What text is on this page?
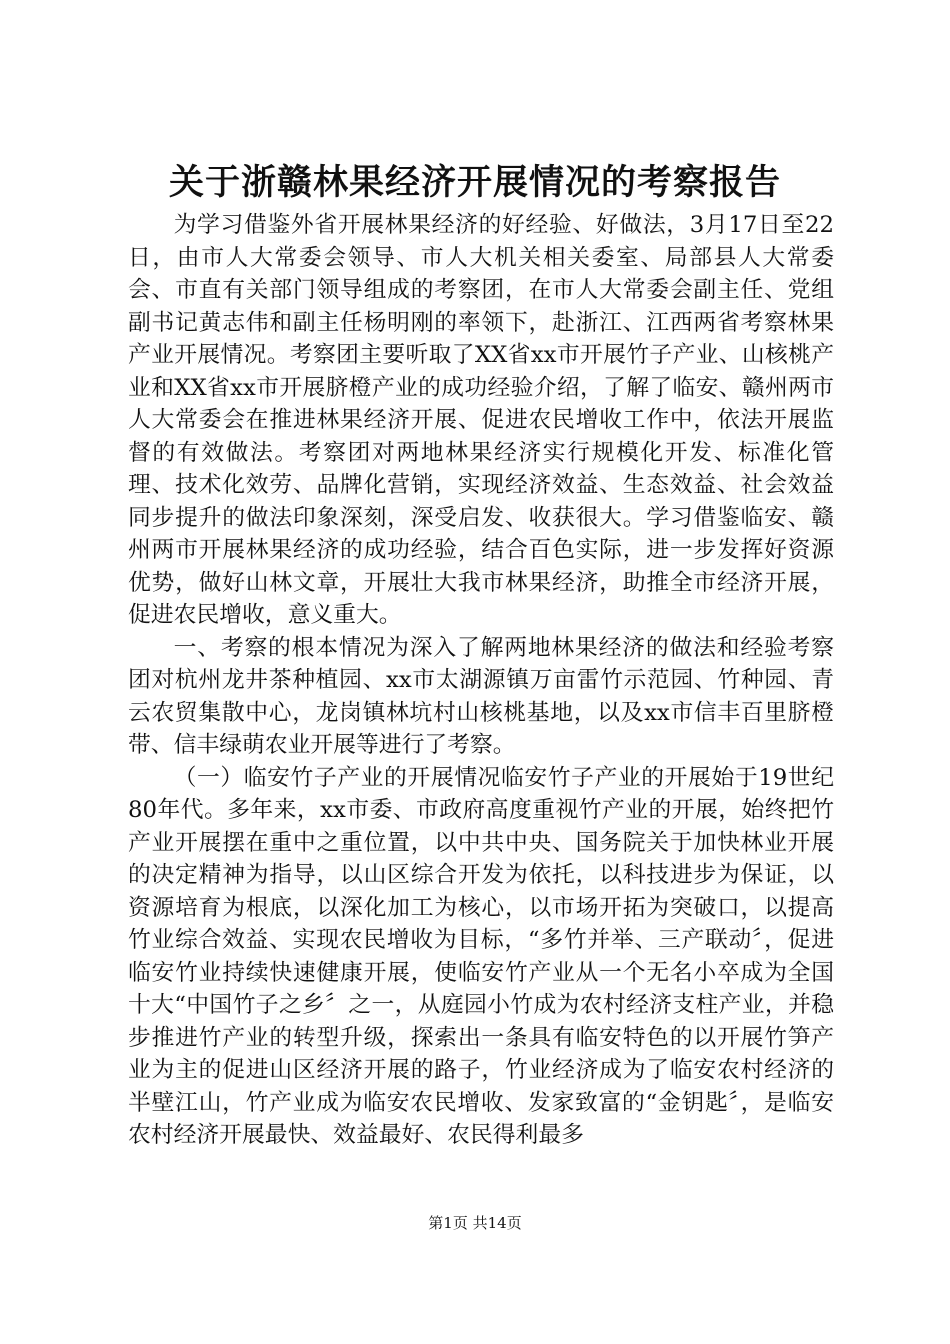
关于浙赣林果经济开展情况的考察报告

为学习借鉴外省开展林果经济的好经验、好做法，3月17日至22日，由市人大常委会领导、市人大机关相关委室、局部县人大常委会、市直有关部门领导组成的考察团，在市人大常委会副主任、党组副书记黄志伟和副主任杨明刚的率领下，赴浙江、江西两省考察林果产业开展情况。考察团主要听取了XX省xx市开展竹子产业、山核桃产业和XX省xx市开展脐橙产业的成功经验介绍，了解了临安、赣州两市人大常委会在推进林果经济开展、促进农民增收工作中，依法开展监督的有效做法。考察团对两地林果经济实行规模化开发、标准化管理、技术化效劳、品牌化营销，实现经济效益、生态效益、社会效益同步提升的做法印象深刻，深受启发、收获很大。学习借鉴临安、赣州两市开展林果经济的成功经验，结合百色实际，进一步发挥好资源优势，做好山林文章，开展壮大我市林果经济，助推全市经济开展，促进农民增收，意义重大。

一、考察的根本情况为深入了解两地林果经济的做法和经验考察团对杭州龙井茶种植园、xx市太湖源镇万亩雷竹示范园、竹种园、青云农贸集散中心，龙岗镇林坑村山核桃基地，以及xx市信丰百里脐橙带、信丰绿萌农业开展等进行了考察。

（一）临安竹子产业的开展情况临安竹子产业的开展始于19世纪80年代。多年来，xx市委、市政府高度重视竹产业的开展，始终把竹产业开展摆在重中之重位置，以中共中央、国务院关于加快林业开展的决定精神为指导，以山区综合开发为依托，以科技进步为保证，以资源培育为根底，以深化加工为核心，以市场开拓为突破口，以提高竹业综合效益、实现农民增收为目标，“多竹并举、三产联动〞，促进临安竹业持续快速健康开展，使临安竹产业从一个无名小卒成为全国十大“中国竹子之乡〞之一，从庭园小竹成为农村经济支柱产业，并稳步推进竹产业的转型升级，探索出一条具有临安特色的以开展竹笋产业为主的促进山区经济开展的路子，竹业经济成为了临安农村经济的半壁江山，竹产业成为临安农民增收、发家致富的“金钥匙〞，是临安农村经济开展最快、效益最好、农民得利最多

第1页 共14页
